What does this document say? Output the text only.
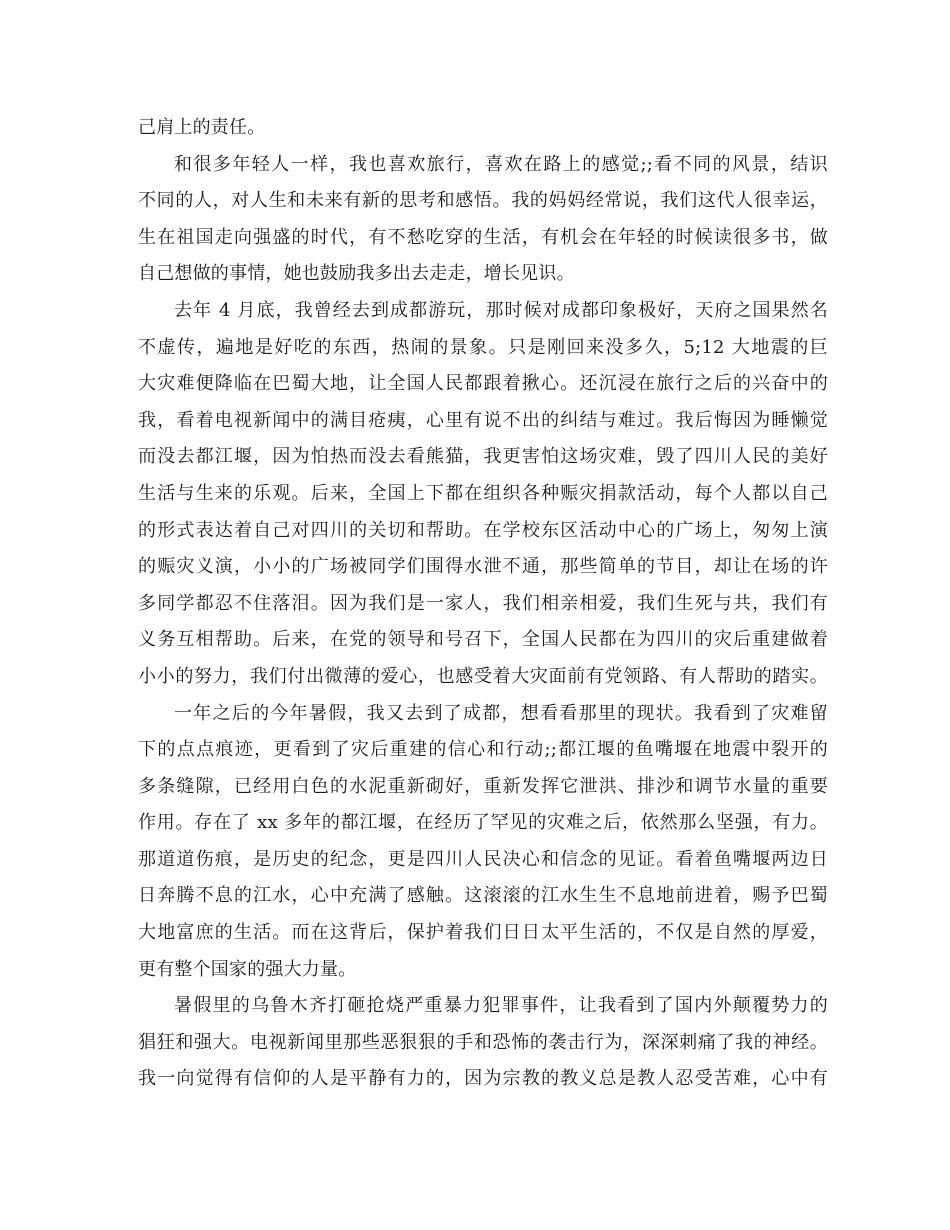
己肩上的责任。
和很多年轻人一样，我也喜欢旅行，喜欢在路上的感觉;;看不同的风景，结识
不同的人，对人生和未来有新的思考和感悟。我的妈妈经常说，我们这代人很幸运，
生在祖国走向强盛的时代，有不愁吃穿的生活，有机会在年轻的时候读很多书，做
自己想做的事情，她也鼓励我多出去走走，增长见识。
去年 4 月底，我曾经去到成都游玩，那时候对成都印象极好，天府之国果然名
不虚传，遍地是好吃的东西，热闹的景象。只是刚回来没多久，5;12 大地震的巨
大灾难便降临在巴蜀大地，让全国人民都跟着揪心。还沉浸在旅行之后的兴奋中的
我，看着电视新闻中的满目疮痍，心里有说不出的纠结与难过。我后悔因为睡懒觉
而没去都江堰，因为怕热而没去看熊猫，我更害怕这场灾难，毁了四川人民的美好
生活与生来的乐观。后来，全国上下都在组织各种赈灾捐款活动，每个人都以自己
的形式表达着自己对四川的关切和帮助。在学校东区活动中心的广场上，匆匆上演
的赈灾义演，小小的广场被同学们围得水泄不通，那些简单的节目，却让在场的许
多同学都忍不住落泪。因为我们是一家人，我们相亲相爱，我们生死与共，我们有
义务互相帮助。后来，在党的领导和号召下，全国人民都在为四川的灾后重建做着
小小的努力，我们付出微薄的爱心，也感受着大灾面前有党领路、有人帮助的踏实。
一年之后的今年暑假，我又去到了成都，想看看那里的现状。我看到了灾难留
下的点点痕迹，更看到了灾后重建的信心和行动;;都江堰的鱼嘴堰在地震中裂开的
多条缝隙，已经用白色的水泥重新砌好，重新发挥它泄洪、排沙和调节水量的重要
作用。存在了 xx 多年的都江堰，在经历了罕见的灾难之后，依然那么坚强，有力。
那道道伤痕，是历史的纪念，更是四川人民决心和信念的见证。看着鱼嘴堰两边日
日奔腾不息的江水，心中充满了感触。这滚滚的江水生生不息地前进着，赐予巴蜀
大地富庶的生活。而在这背后，保护着我们日日太平生活的，不仅是自然的厚爱，
更有整个国家的强大力量。
暑假里的乌鲁木齐打砸抢烧严重暴力犯罪事件，让我看到了国内外颠覆势力的
猖狂和强大。电视新闻里那些恶狠狠的手和恐怖的袭击行为，深深刺痛了我的神经。
我一向觉得有信仰的人是平静有力的，因为宗教的教义总是教人忍受苦难，心中有
